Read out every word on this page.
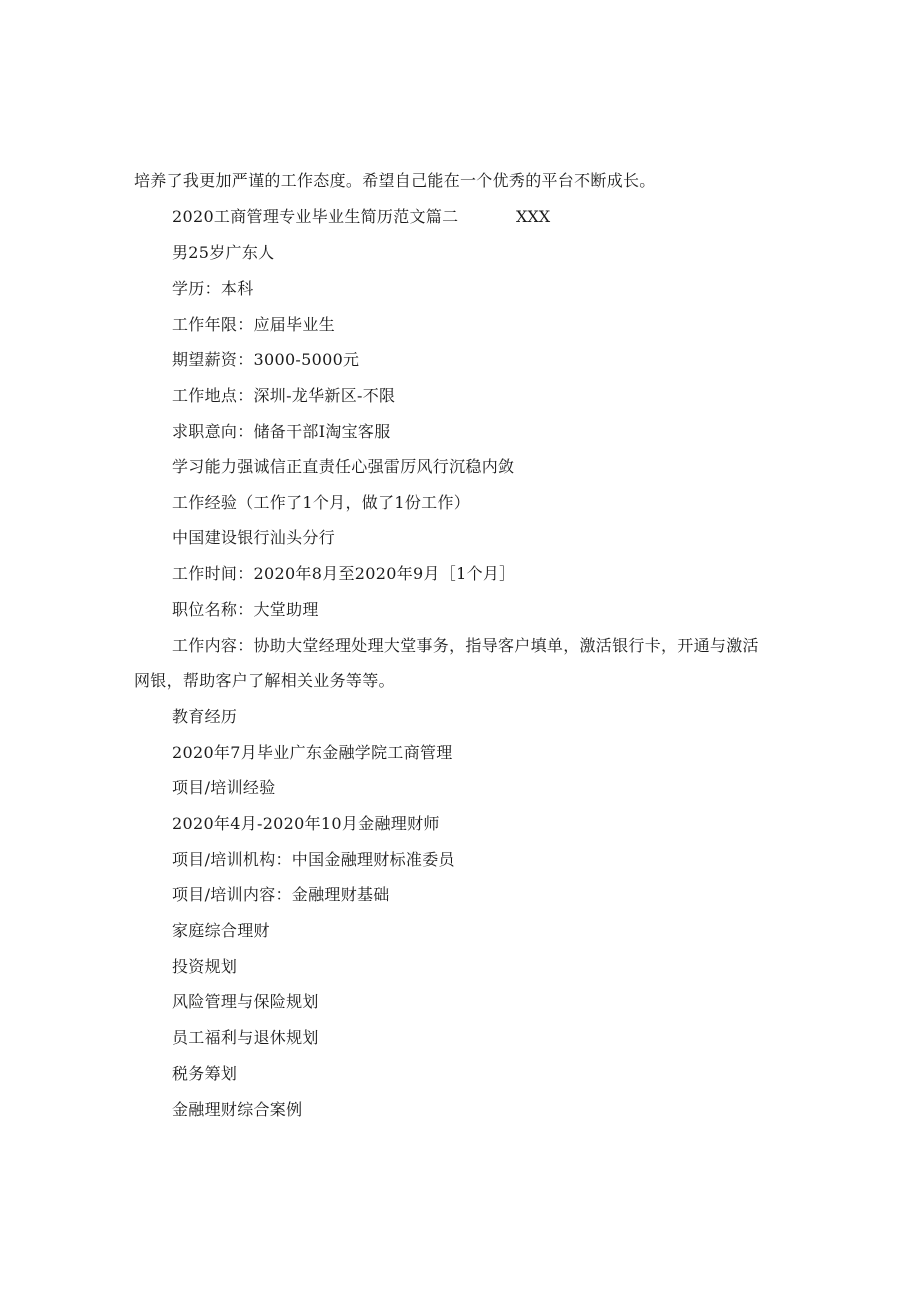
培养了我更加严谨的工作态度。希望自己能在一个优秀的平台不断成长。
2020工商管理专业毕业生简历范文篇二	XXX
男25岁广东人
学历：本科
工作年限：应届毕业生
期望薪资：3000-5000元
工作地点：深圳-龙华新区-不限
求职意向：储备干部I淘宝客服
学习能力强诚信正直责任心强雷厉风行沉稳内敛
工作经验（工作了1个月，做了1份工作）
中国建设银行汕头分行
工作时间：2020年8月至2020年9月［1个月］
职位名称：大堂助理
工作内容：协助大堂经理处理大堂事务，指导客户填单，激活银行卡，开通与激活
网银，帮助客户了解相关业务等等。
教育经历
2020年7月毕业广东金融学院工商管理
项目/培训经验
2020年4月-2020年10月金融理财师
项目/培训机构：中国金融理财标准委员
项目/培训内容：金融理财基础
家庭综合理财
投资规划
风险管理与保险规划
员工福利与退休规划
税务筹划
金融理财综合案例
